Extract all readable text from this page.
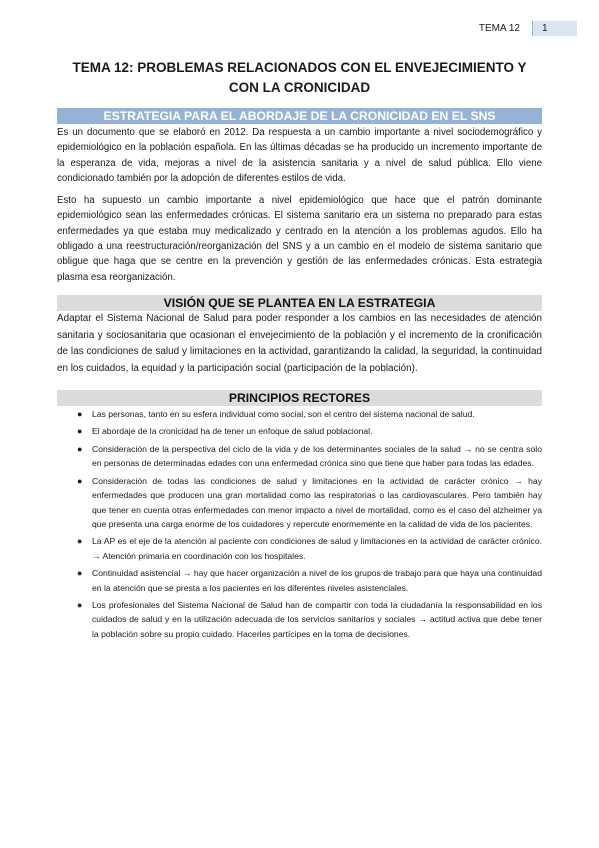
TEMA 12	1
TEMA 12: PROBLEMAS RELACIONADOS CON EL ENVEJECIMIENTO Y CON LA CRONICIDAD
ESTRATEGIA PARA EL ABORDAJE DE LA CRONICIDAD EN EL SNS

Es un documento que se elaboró en 2012. Da respuesta a un cambio importante a nivel sociodemográfico y epidemiológico en la población española. En las últimas décadas se ha producido un incremento importante de la esperanza de vida, mejoras a nivel de la asistencia sanitaria y a nivel de salud pública. Ello viene condicionado también por la adopción de diferentes estilos de vida.

Esto ha supuesto un cambio importante a nivel epidemiológico que hace que el patrón dominante epidemiológico sean las enfermedades crónicas. El sistema sanitario era un sistema no preparado para estas enfermedades ya que estaba muy medicalizado y centrado en la atención a los problemas agudos. Ello ha obligado a una reestructuración/reorganización del SNS y a un cambio en el modelo de sistema sanitario que obligue que haga que se centre en la prevención y gestión de las enfermedades crónicas. Esta estrategia plasma esa reorganización.

VISIÓN QUE SE PLANTEA EN LA ESTRATEGIA

Adaptar el Sistema Nacional de Salud para poder responder a los cambios en las necesidades de atención sanitaria y sociosanitaria que ocasionan el envejecimiento de la población y el incremento de la cronificación de las condiciones de salud y limitaciones en la actividad, garantizando la calidad, la seguridad, la continuidad en los cuidados, la equidad y la participación social (participación de la población).

PRINCIPIOS RECTORES
● Las personas, tanto en su esfera individual como social, son el centro del sistema nacional de salud.
● El abordaje de la cronicidad ha de tener un enfoque de salud poblacional.
● Consideración de la perspectiva del ciclo de la vida y de los determinantes sociales de la salud → no se centra solo en personas de determinadas edades con una enfermedad crónica sino que tiene que haber para todas las edades.
● Consideración de todas las condiciones de salud y limitaciones en la actividad de carácter crónico → hay enfermedades que producen una gran mortalidad como las respiratorias o las cardiovasculares. Pero también hay que tener en cuenta otras enfermedades con menor impacto a nivel de mortalidad, como es el caso del alzheimer ya que presenta una carga enorme de los cuidadores y repercute enormemente en la calidad de vida de los pacientes.
● La AP es el eje de la atención al paciente con condiciones de salud y limitaciones en la actividad de carácter crónico. → Atención primaria en coordinación con los hospitales.
● Continuidad asistencial → hay que hacer organización a nivel de los grupos de trabajo para que haya una continuidad en la atención que se presta a los pacientes en los diferentes niveles asistenciales.
● Los profesionales del Sistema Nacional de Salud han de compartir con toda la ciudadanía la responsabilidad en los cuidados de salud y en la utilización adecuada de los servicios sanitarios y sociales → actitud activa que debe tener la población sobre su propio cuidado. Hacerles partícipes en la toma de decisiones.
